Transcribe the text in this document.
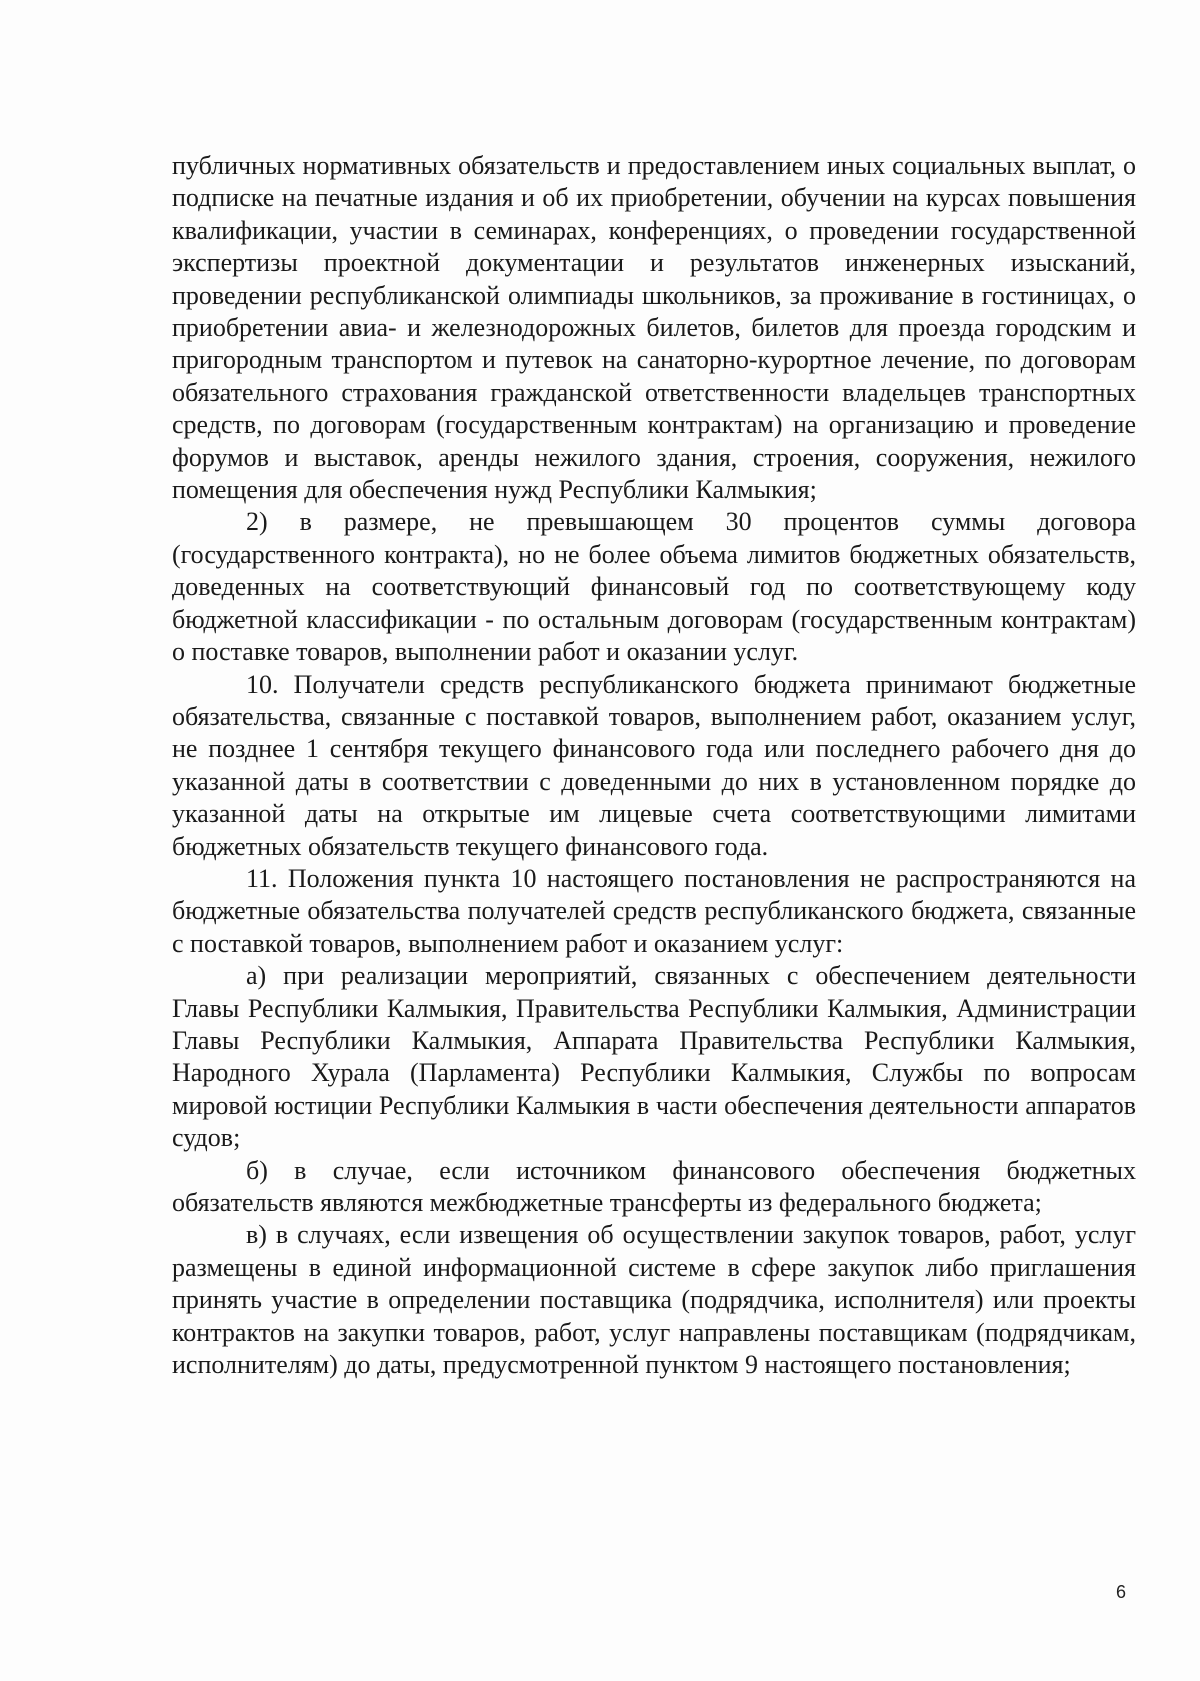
публичных нормативных обязательств и предоставлением иных социальных выплат, о подписке на печатные издания и об их приобретении, обучении на курсах повышения квалификации, участии в семинарах, конференциях, о проведении государственной экспертизы проектной документации и результатов инженерных изысканий, проведении республиканской олимпиады школьников, за проживание в гостиницах, о приобретении авиа- и железнодорожных билетов, билетов для проезда городским и пригородным транспортом и путевок на санаторно-курортное лечение, по договорам обязательного страхования гражданской ответственности владельцев транспортных средств, по договорам (государственным контрактам) на организацию и проведение форумов и выставок, аренды нежилого здания, строения, сооружения, нежилого помещения для обеспечения нужд Республики Калмыкия;

2) в размере, не превышающем 30 процентов суммы договора (государственного контракта), но не более объема лимитов бюджетных обязательств, доведенных на соответствующий финансовый год по соответствующему коду бюджетной классификации - по остальным договорам (государственным контрактам) о поставке товаров, выполнении работ и оказании услуг.

10. Получатели средств республиканского бюджета принимают бюджетные обязательства, связанные с поставкой товаров, выполнением работ, оказанием услуг, не позднее 1 сентября текущего финансового года или последнего рабочего дня до указанной даты в соответствии с доведенными до них в установленном порядке до указанной даты на открытые им лицевые счета соответствующими лимитами бюджетных обязательств текущего финансового года.

11. Положения пункта 10 настоящего постановления не распространяются на бюджетные обязательства получателей средств республиканского бюджета, связанные с поставкой товаров, выполнением работ и оказанием услуг:

а) при реализации мероприятий, связанных с обеспечением деятельности Главы Республики Калмыкия, Правительства Республики Калмыкия, Администрации Главы Республики Калмыкия, Аппарата Правительства Республики Калмыкия, Народного Хурала (Парламента) Республики Калмыкия, Службы по вопросам мировой юстиции Республики Калмыкия в части обеспечения деятельности аппаратов судов;

б) в случае, если источником финансового обеспечения бюджетных обязательств являются межбюджетные трансферты из федерального бюджета;

в) в случаях, если извещения об осуществлении закупок товаров, работ, услуг размещены в единой информационной системе в сфере закупок либо приглашения принять участие в определении поставщика (подрядчика, исполнителя) или проекты контрактов на закупки товаров, работ, услуг направлены поставщикам (подрядчикам, исполнителям) до даты, предусмотренной пунктом 9 настоящего постановления;

6
